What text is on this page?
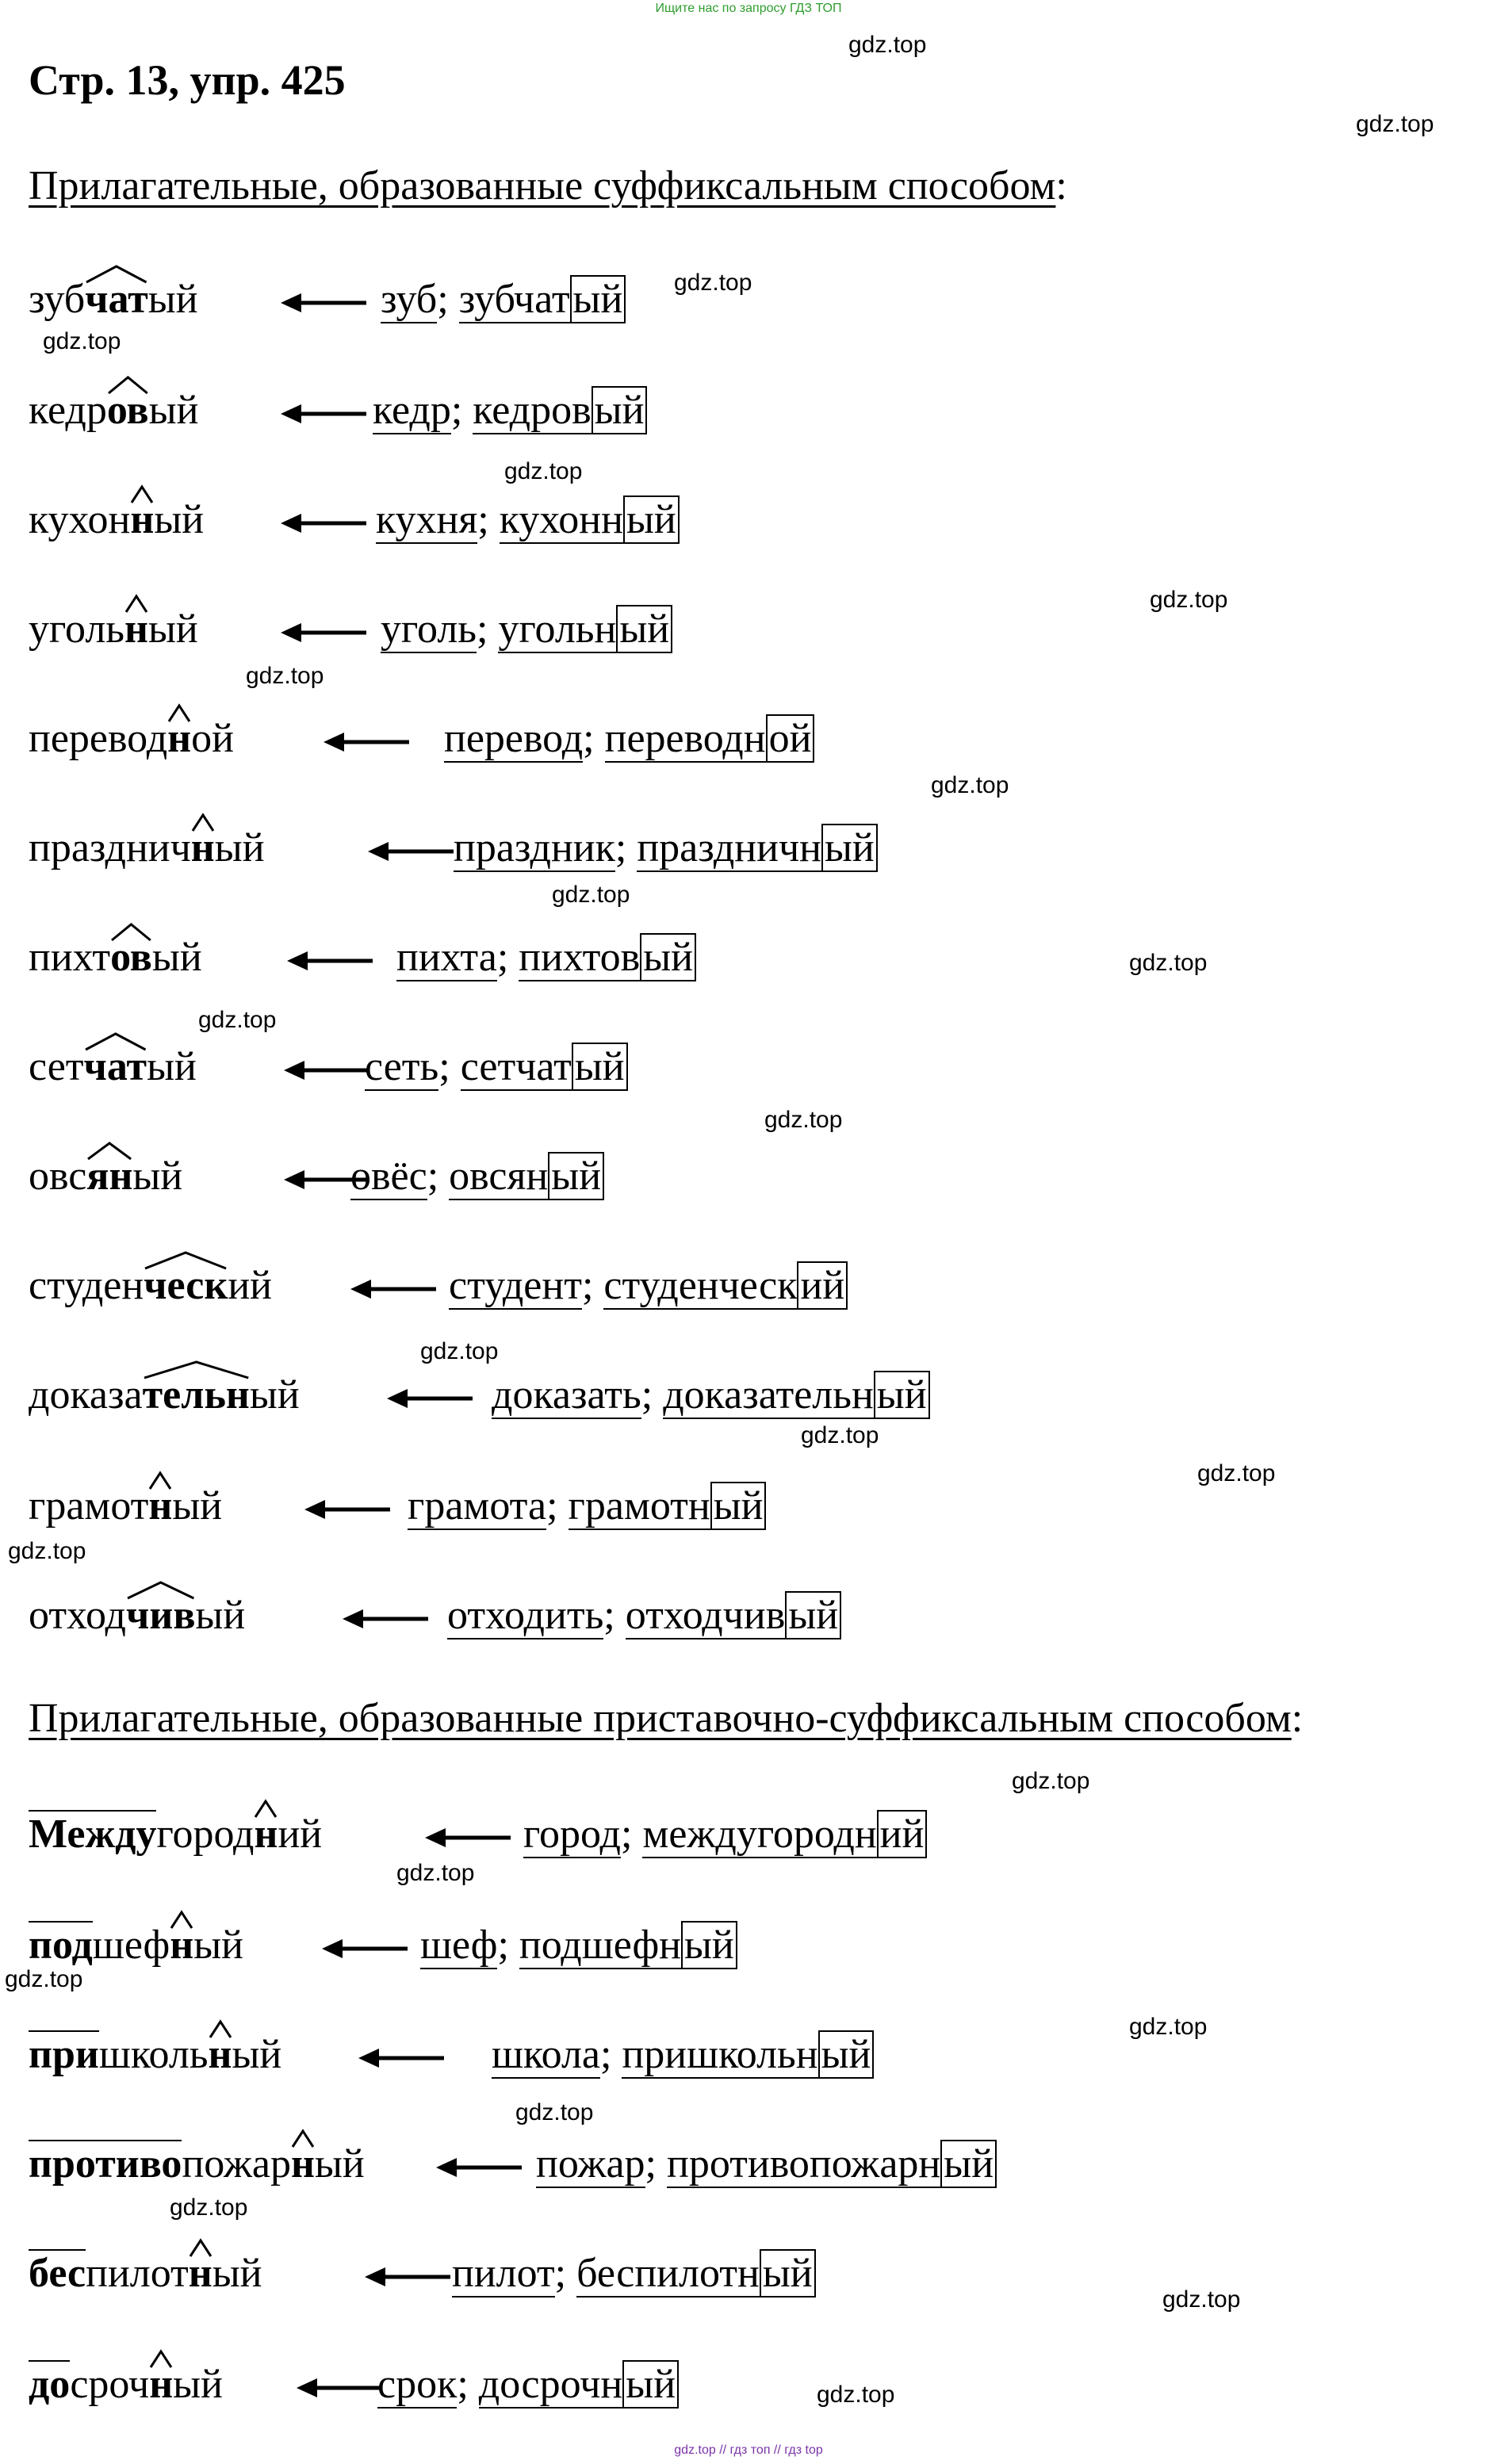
Ищите нас по запросу ГДЗ ТОП
Стр. 13, упр. 425
Прилагательные, образованные суффиксальным способом:
зубчатый	зуб; зубчатый
кедровый	кедр; кедровый
кухонный	кухня; кухонный
угольный	уголь; угольный
переводной	перевод; переводной
праздничный	праздник; праздничный
пихтовый	пихта; пихтовый
сетчатый	сеть; сетчатый
овсяный	овёс; овсяный
студенческий	студент; студенческий
доказательный	доказать; доказательный
грамотный	грамота; грамотный
отходчивый	отходить; отходчивый
Прилагательные, образованные приставочно-суффиксальным способом:
Междугородний	город; междугородний
подшефный	шеф; подшефный
пришкольный	школа; пришкольный
противопожарный	пожар; противопожарный
беспилотный	пилот; беспилотный
досрочный	срок; досрочный
gdz.top
gdz.top
gdz.top
gdz.top
gdz.top
gdz.top
gdz.top
gdz.top
gdz.top
gdz.top
gdz.top
gdz.top
gdz.top
gdz.top
gdz.top
gdz.top
gdz.top
gdz.top
gdz.top
gdz.top
gdz.top
gdz.top
gdz.top
gdz.top
gdz.top // гдз топ // гдз top
